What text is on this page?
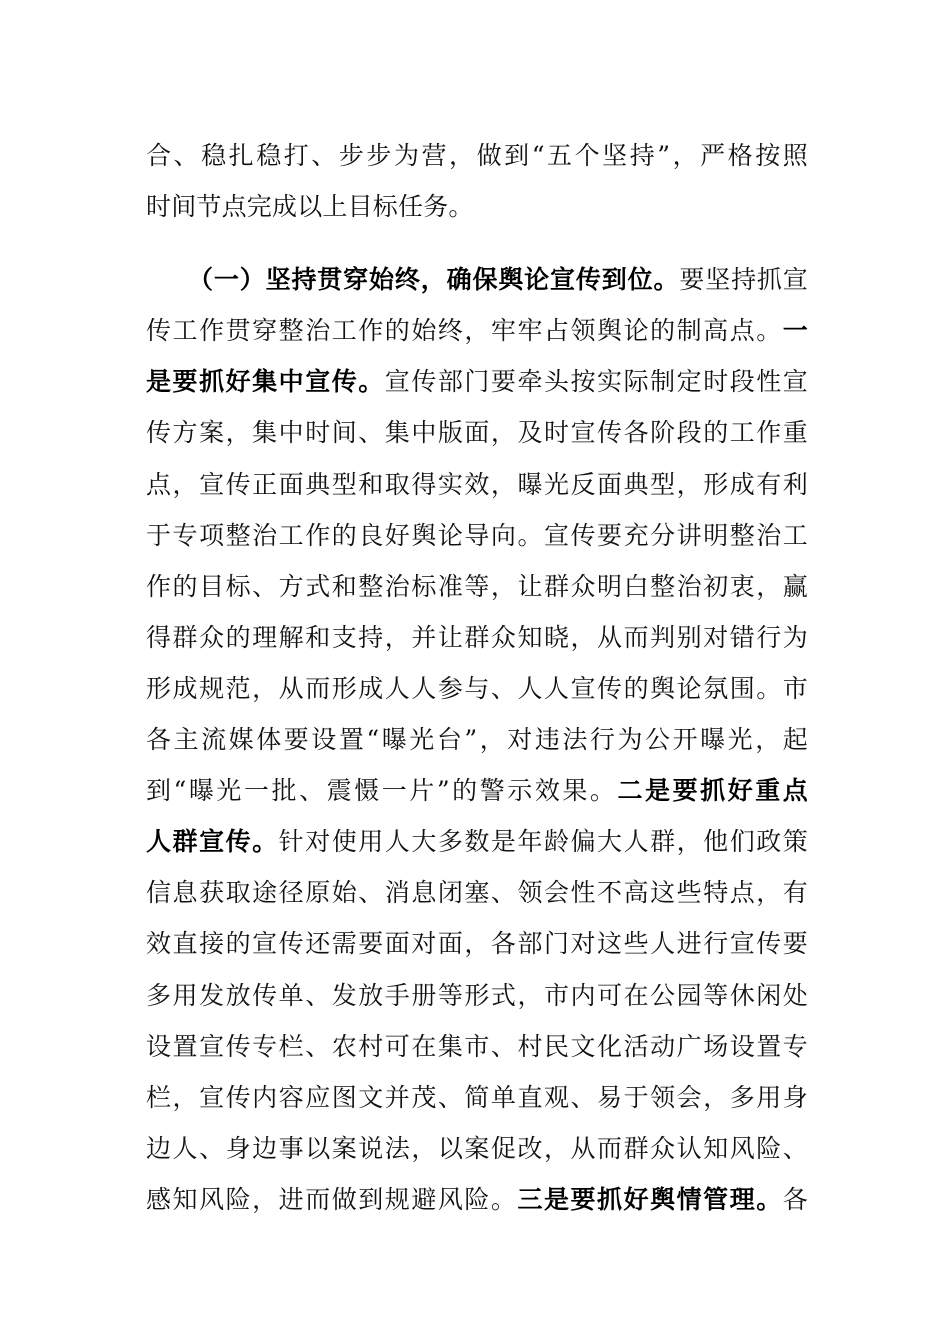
合、稳扎稳打、步步为营，做到“五个坚持”，严格按照
时间节点完成以上目标任务。
（一）坚持贯穿始终，确保舆论宣传到位。要坚持抓宣
传工作贯穿整治工作的始终，牢牢占领舆论的制高点。一
是要抓好集中宣传。宣传部门要牵头按实际制定时段性宣
传方案，集中时间、集中版面，及时宣传各阶段的工作重
点，宣传正面典型和取得实效，曝光反面典型，形成有利
于专项整治工作的良好舆论导向。宣传要充分讲明整治工
作的目标、方式和整治标准等，让群众明白整治初衷，赢
得群众的理解和支持，并让群众知晓，从而判别对错行为
形成规范，从而形成人人参与、人人宣传的舆论氛围。市
各主流媒体要设置“曝光台”，对违法行为公开曝光，起
到“曝光一批、震慑一片”的警示效果。二是要抓好重点
人群宣传。针对使用人大多数是年龄偏大人群，他们政策
信息获取途径原始、消息闭塞、领会性不高这些特点，有
效直接的宣传还需要面对面，各部门对这些人进行宣传要
多用发放传单、发放手册等形式，市内可在公园等休闲处
设置宣传专栏、农村可在集市、村民文化活动广场设置专
栏，宣传内容应图文并茂、简单直观、易于领会，多用身
边人、身边事以案说法，以案促改，从而群众认知风险、
感知风险，进而做到规避风险。三是要抓好舆情管理。各
